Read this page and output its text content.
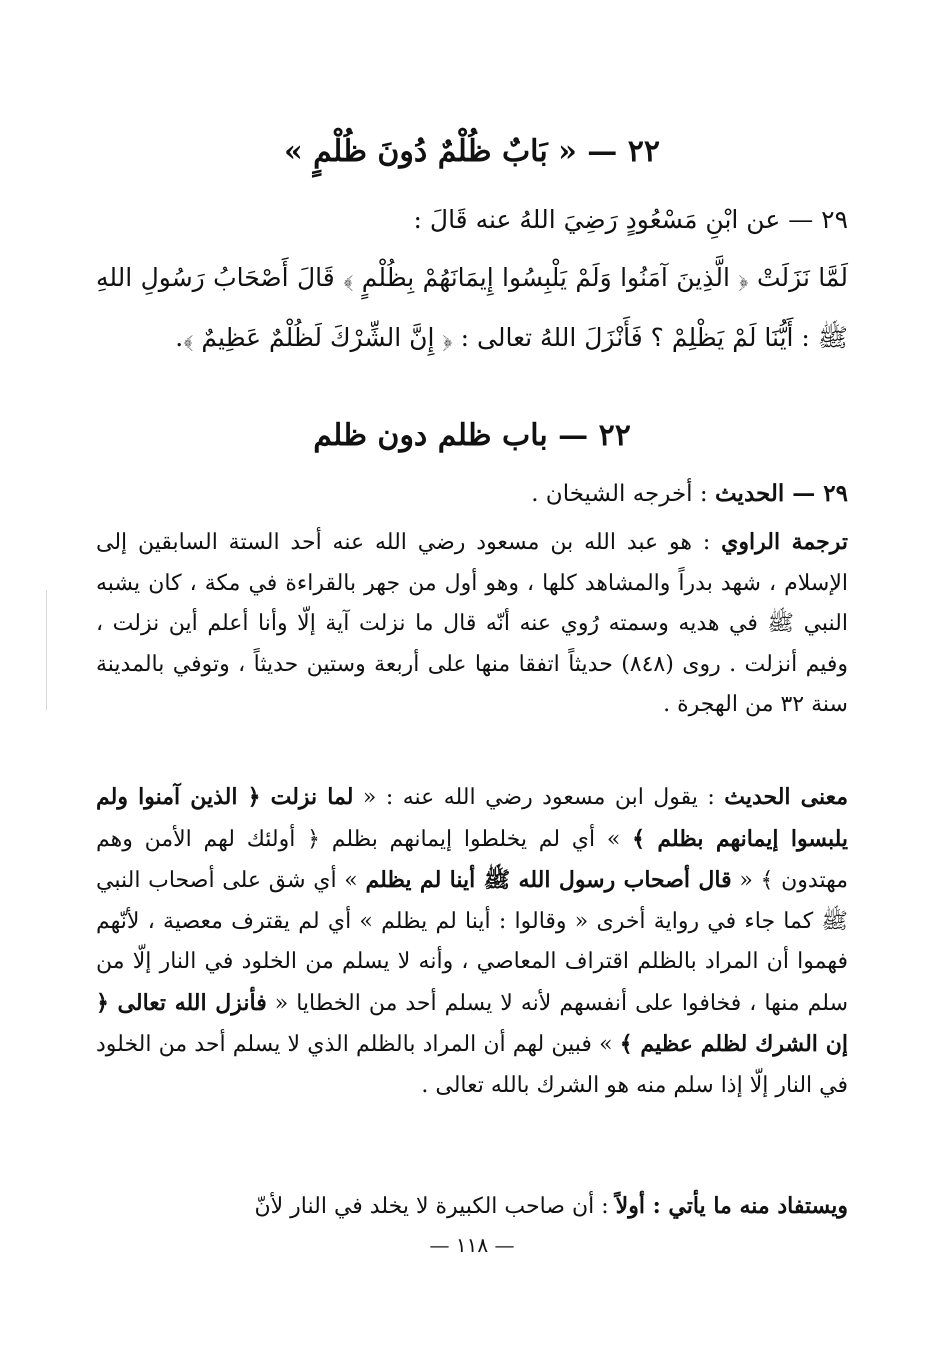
٢٢ — « بَابٌ ظُلْمٌ دُونَ ظُلْمٍ »
٢٩ — عن ابْنِ مَسْعُودٍ رَضِيَ اللهُ عنه قَالَ :
لَمَّا نَزَلَتْ ﴿ الَّذِينَ آمَنُوا وَلَمْ يَلْبِسُوا إِيمَانَهُمْ بِظُلْمٍ ﴾ قَالَ أَصْحَابُ رَسُولِ اللهِ ﷺ : أَيُّنَا لَمْ يَظْلِمْ ؟ فَأَنْزَلَ اللهُ تعالى : ﴿ إِنَّ الشِّرْكَ لَظُلْمٌ عَظِيمٌ ﴾.
٢٢ — باب ظلم دون ظلم
٢٩ — الحديث : أخرجه الشيخان .
ترجمة الراوي : هو عبد الله بن مسعود رضي الله عنه أحد الستة السابقين إلى الإسلام ، شهد بدراً والمشاهد كلها ، وهو أول من جهر بالقراءة في مكة ، كان يشبه النبي ﷺ في هديه وسمته رُوي عنه أنّه قال ما نزلت آية إلّا وأنا أعلم أين نزلت ، وفيم أنزلت . روى (٨٤٨) حديثاً اتفقا منها على أربعة وستين حديثاً ، وتوفي بالمدينة سنة ٣٢ من الهجرة .
معنى الحديث : يقول ابن مسعود رضي الله عنه : « لما نزلت ﴿ الذين آمنوا ولم يلبسوا إيمانهم بظلم ﴾ » أي لم يخلطوا إيمانهم بظلم ﴿ أولئك لهم الأمن وهم مهتدون ﴾ « قال أصحاب رسول الله ﷺ أينا لم يظلم » أي شق على أصحاب النبي ﷺ كما جاء في رواية أخرى « وقالوا : أينا لم يظلم » أي لم يقترف معصية ، لأنّهم فهموا أن المراد بالظلم اقتراف المعاصي ، وأنه لا يسلم من الخلود في النار إلّا من سلم منها ، فخافوا على أنفسهم لأنه لا يسلم أحد من الخطايا « فأنزل الله تعالى ﴿ إن الشرك لظلم عظيم ﴾ » فبين لهم أن المراد بالظلم الذي لا يسلم أحد من الخلود في النار إلّا إذا سلم منه هو الشرك بالله تعالى .
ويستفاد منه ما يأتي : أولاً : أن صاحب الكبيرة لا يخلد في النار لأنّ
— ١١٨ —
